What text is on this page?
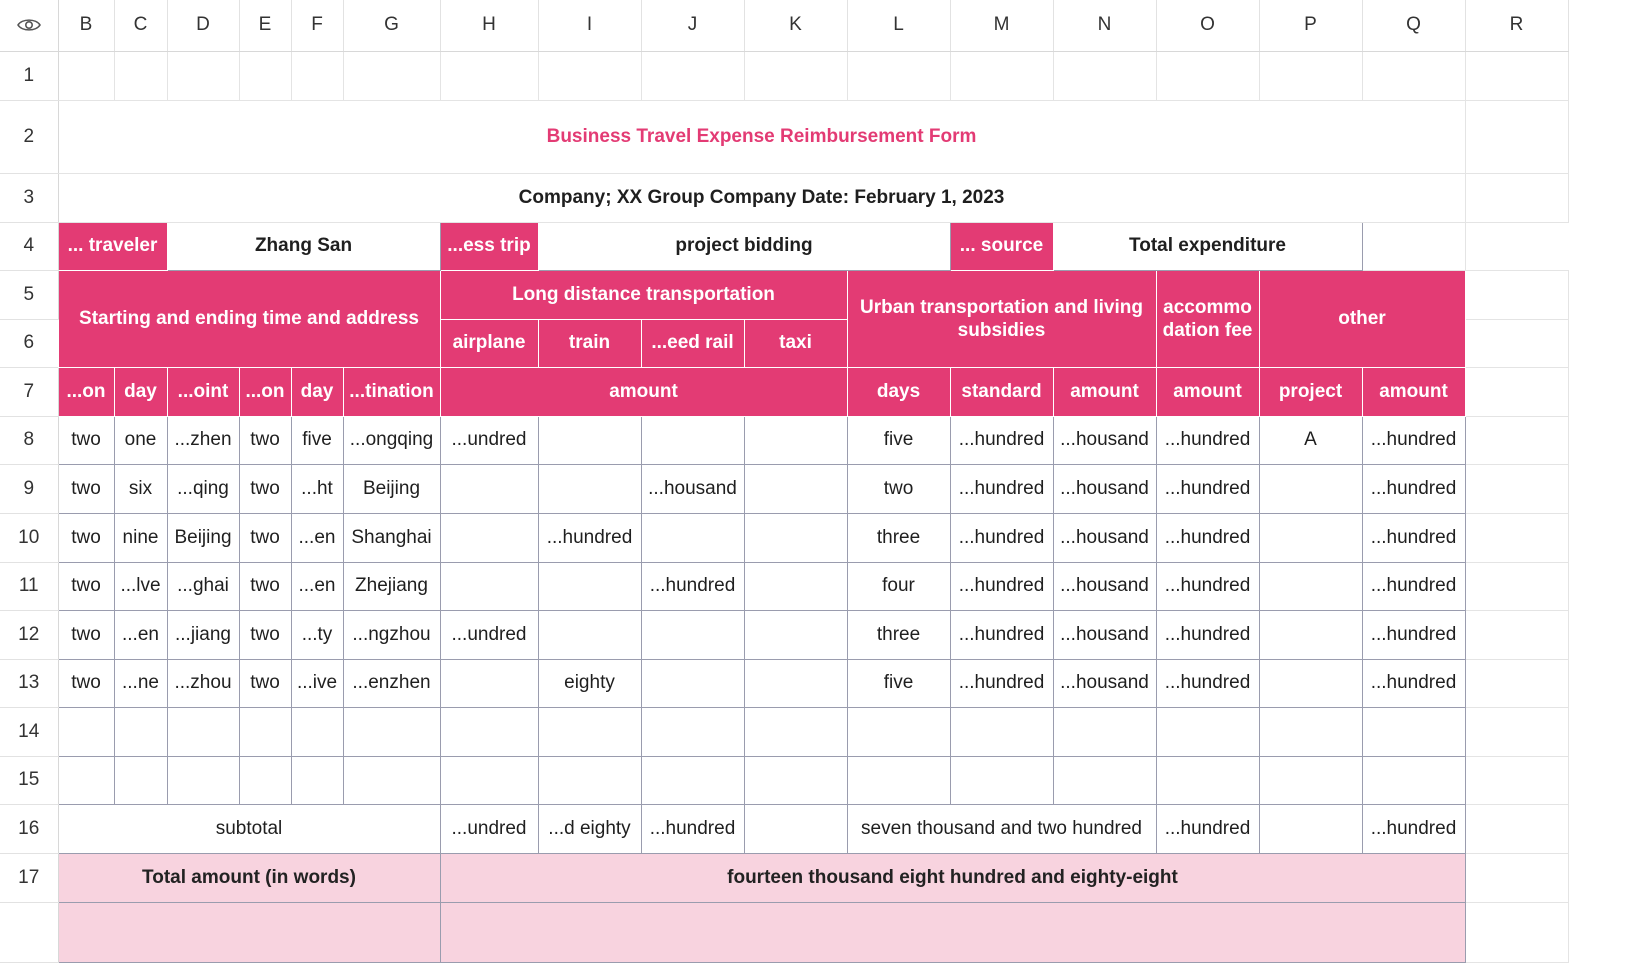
	B	C	D	E	F	G	H	I	J	K	L	M	N	O	P	Q	R
1																	
2	Business Travel Expense Reimbursement Form																
3	Company; XX Group Company Date: February 1, 2023																
4	... traveler		Zhang San				...ess trip	project bidding				... source	Total expenditure				
5	Starting and ending time and address						Long distance transportation				Urban transportation and living subsidies			accommo dation fee	other		
6							airplane	train	...eed rail	taxi							
7	...on	day	...oint	...on	day	...tination	amount				days	standard	amount	amount	project	amount	
8	two	one	...zhen	two	five	...ongqing	...undred				five	...hundred	...housand	...hundred	A	...hundred	
9	two	six	...qing	two	...ht	Beijing			...housand		two	...hundred	...housand	...hundred		...hundred	
10	two	nine	Beijing	two	...en	Shanghai		...hundred			three	...hundred	...housand	...hundred		...hundred	
11	two	...lve	...ghai	two	...en	Zhejiang			...hundred		four	...hundred	...housand	...hundred		...hundred	
12	two	...en	...jiang	two	...ty	...ngzhou	...undred				three	...hundred	...housand	...hundred		...hundred	
13	two	...ne	...zhou	two	...ive	...enzhen		eighty			five	...hundred	...housand	...hundred		...hundred	
14																	
15																	
16	subtotal						...undred	...d eighty	...hundred		seven thousand and two hundred			...hundred		...hundred	
17	Total amount (in words)						fourteen thousand eight hundred and eighty-eight										
